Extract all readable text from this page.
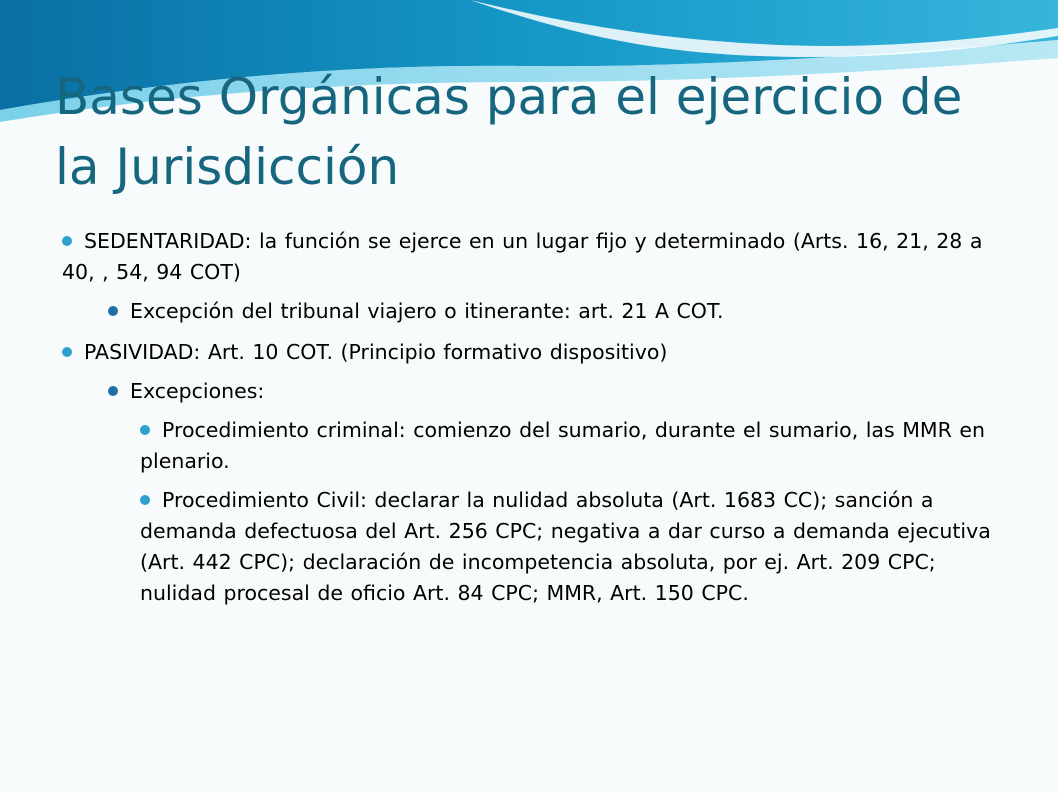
Bases Orgánicas para el ejercicio de la Jurisdicción

SEDENTARIDAD: la función se ejerce en un lugar fijo y determinado (Arts. 16, 21, 28 a 40, , 54, 94 COT)

Excepción del tribunal viajero o itinerante: art. 21 A COT.

PASIVIDAD: Art. 10 COT. (Principio formativo dispositivo)

Excepciones:

Procedimiento criminal: comienzo del sumario, durante el sumario, las MMR en plenario.

Procedimiento Civil: declarar la nulidad absoluta (Art. 1683 CC); sanción a demanda defectuosa del Art. 256 CPC; negativa a dar curso a demanda ejecutiva (Art. 442 CPC); declaración de incompetencia absoluta, por ej. Art. 209 CPC; nulidad procesal de oficio Art. 84 CPC; MMR, Art. 150 CPC.
